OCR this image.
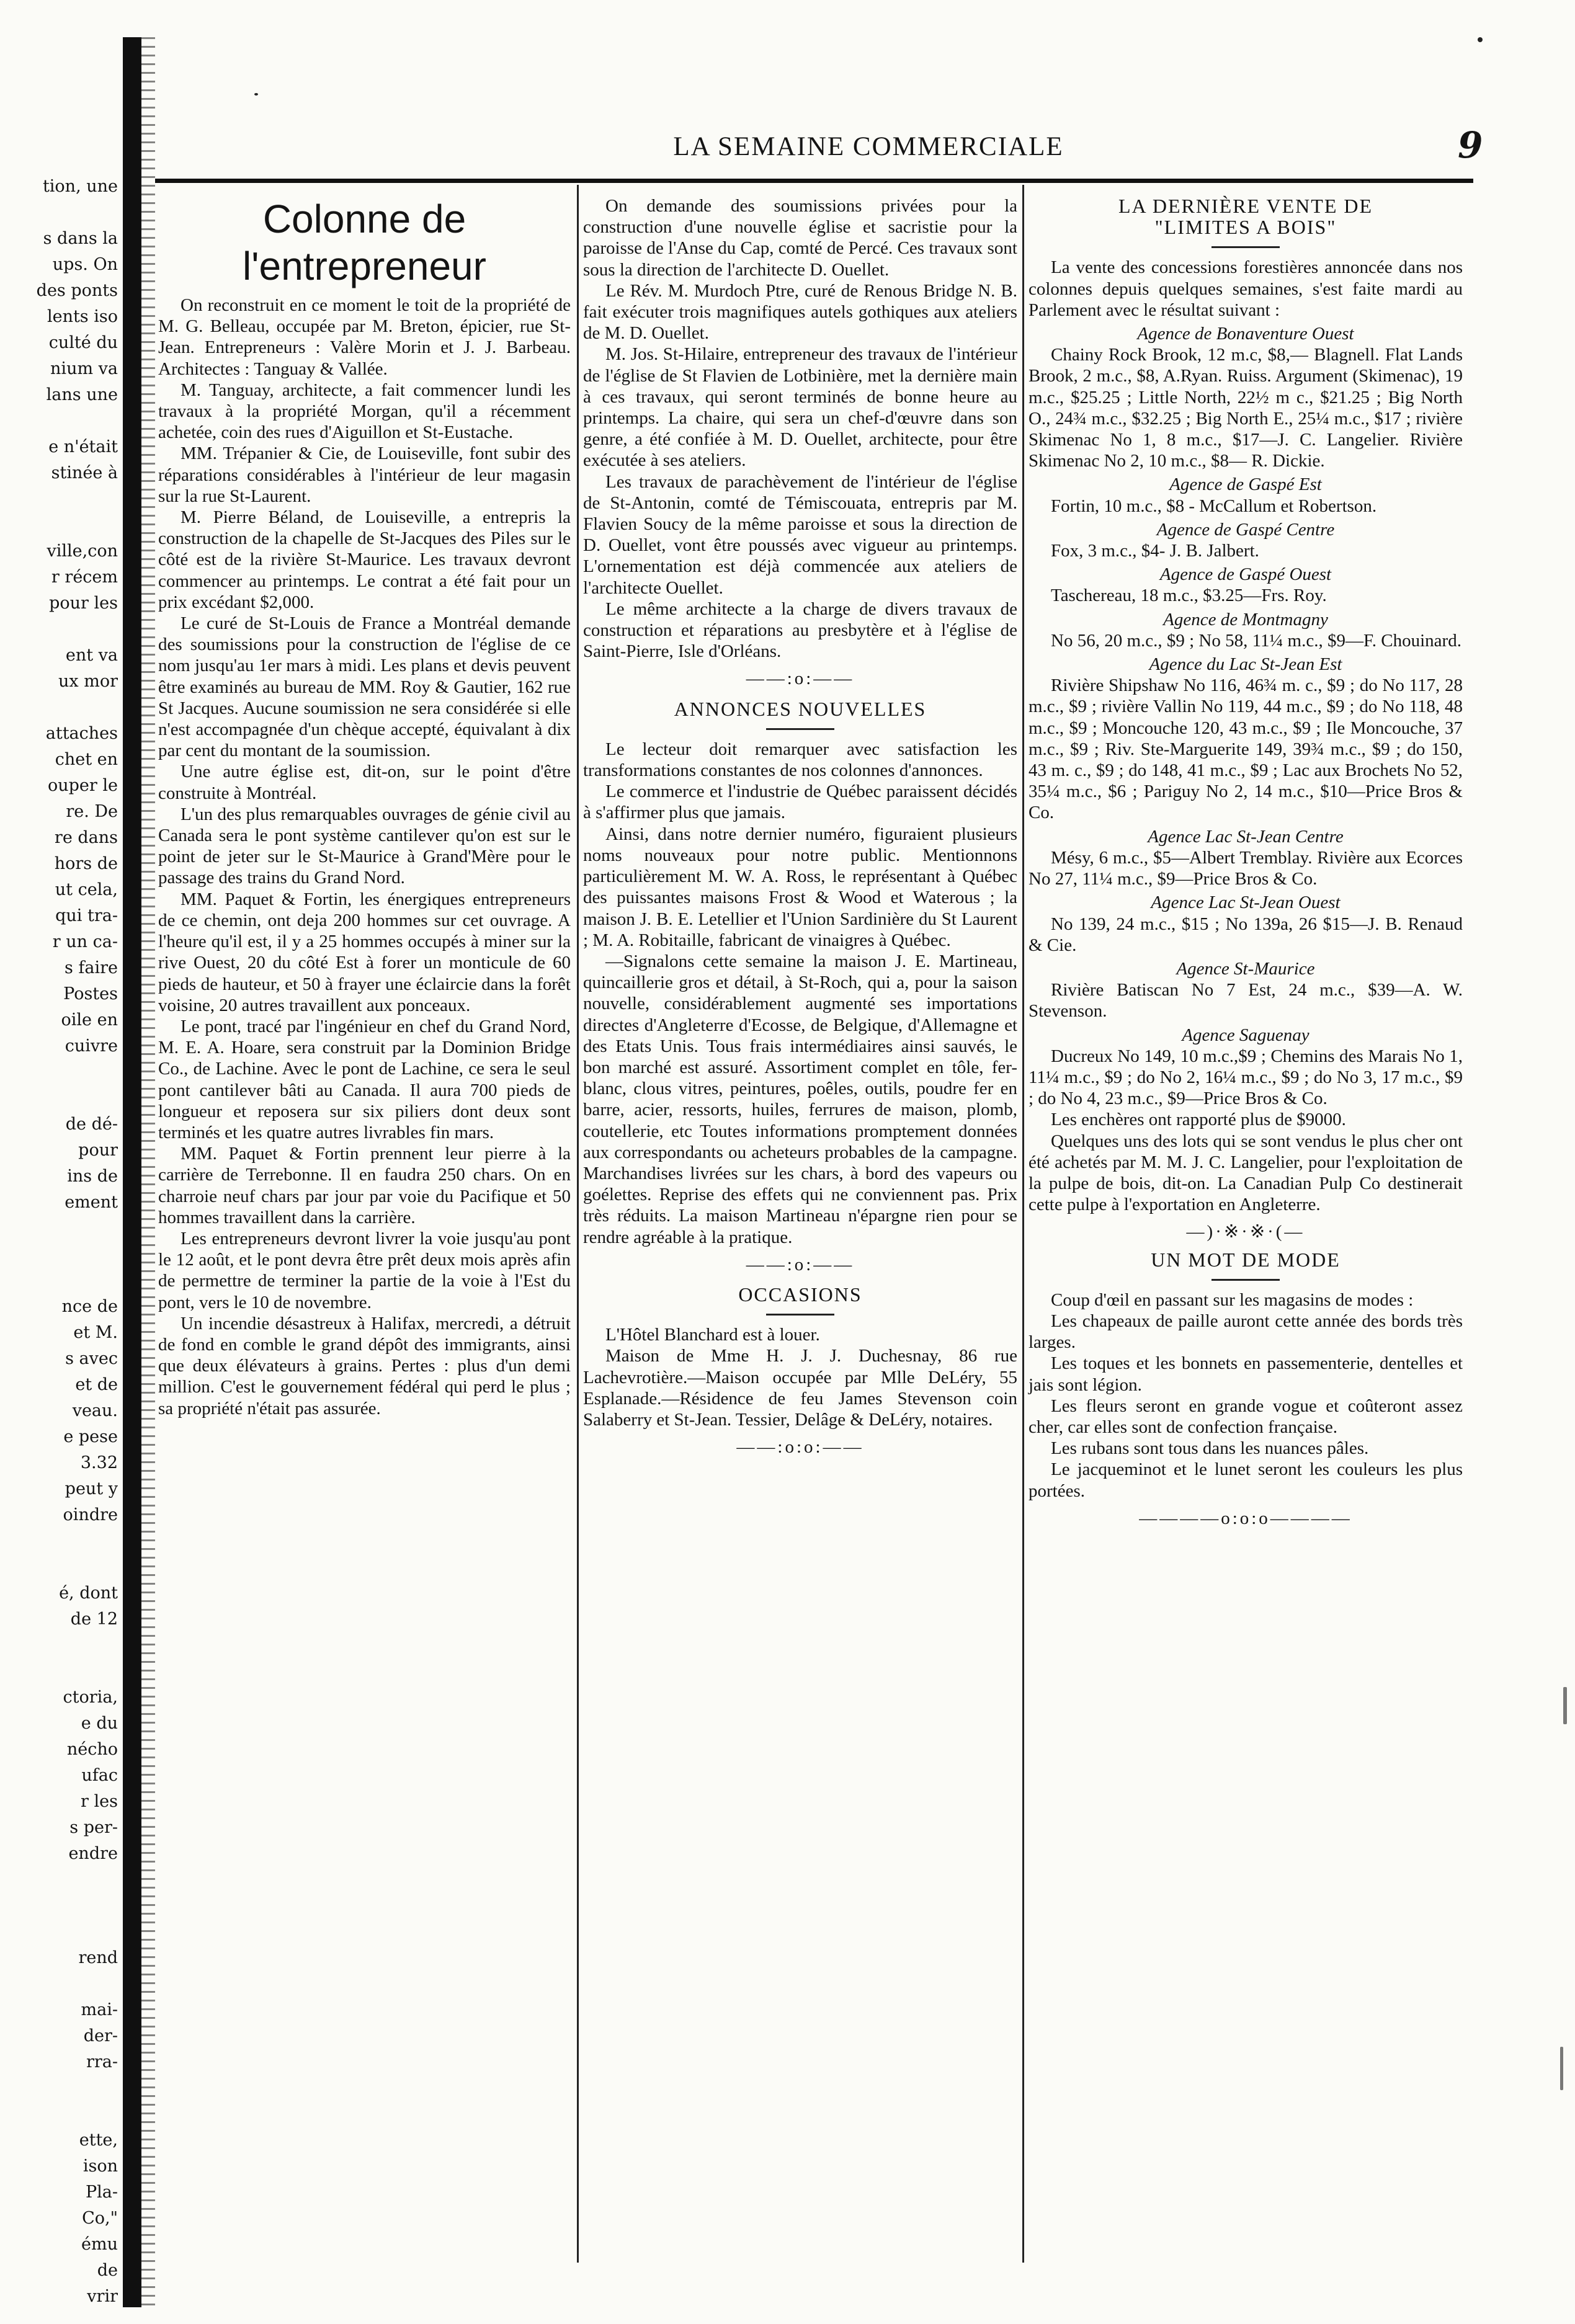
tion, une
s dans la
ups. On
des ponts
lents iso
culté du
nium va
lans une
e n'était
stinée à
ville,con
r récem
pour les
ent va
ux mor
attaches
chet en
ouper le
re. De
re dans
hors de
ut cela,
qui tra-
r un ca-
s faire
Postes
oile en
cuivre
de dé-
pour
ins de
ement
nce de
et M.
s avec
et de
veau.
e pese
3.32
peut y
oindre
é, dont
de 12
ctoria,
e du
nécho
ufac
r les
s per-
endre
rend
mai-
der-
rra-
ette,
ison
Pla-
Co,"
ému
de
vrir
LA SEMAINE COMMERCIALE	9
Colonne de l'entrepreneur

On reconstruit en ce moment le toit de la propriété de M. G. Belleau, occupée par M. Breton, épicier, rue St-Jean. Entrepreneurs : Valère Morin et J. J. Barbeau. Architectes : Tanguay & Vallée.

M. Tanguay, architecte, a fait commencer lundi les travaux à la propriété Morgan, qu'il a récemment achetée, coin des rues d'Aiguillon et St-Eustache.

MM. Trépanier & Cie, de Louiseville, font subir des réparations considérables à l'intérieur de leur magasin sur la rue St-Laurent.

M. Pierre Béland, de Louiseville, a entrepris la construction de la chapelle de St-Jacques des Piles sur le côté est de la rivière St-Maurice. Les travaux devront commencer au printemps. Le contrat a été fait pour un prix excédant $2,000.

Le curé de St-Louis de France a Montréal demande des soumissions pour la construction de l'église de ce nom jusqu'au 1er mars à midi. Les plans et devis peuvent être examinés au bureau de MM. Roy & Gautier, 162 rue St Jacques. Aucune soumission ne sera considérée si elle n'est accompagnée d'un chèque accepté, équivalant à dix par cent du montant de la soumission.

Une autre église est, dit-on, sur le point d'être construite à Montréal.

L'un des plus remarquables ouvrages de génie civil au Canada sera le pont système cantilever qu'on est sur le point de jeter sur le St-Maurice à Grand'Mère pour le passage des trains du Grand Nord.

MM. Paquet & Fortin, les énergiques entrepreneurs de ce chemin, ont deja 200 hommes sur cet ouvrage. A l'heure qu'il est, il y a 25 hommes occupés à miner sur la rive Ouest, 20 du côté Est à forer un monticule de 60 pieds de hauteur, et 50 à frayer une éclaircie dans la forêt voisine, 20 autres travaillent aux ponceaux.

Le pont, tracé par l'ingénieur en chef du Grand Nord, M. E. A. Hoare, sera construit par la Dominion Bridge Co., de Lachine. Avec le pont de Lachine, ce sera le seul pont cantilever bâti au Canada. Il aura 700 pieds de longueur et reposera sur six piliers dont deux sont terminés et les quatre autres livrables fin mars.

MM. Paquet & Fortin prennent leur pierre à la carrière de Terrebonne. Il en faudra 250 chars. On en charroie neuf chars par jour par voie du Pacifique et 50 hommes travaillent dans la carrière.

Les entrepreneurs devront livrer la voie jusqu'au pont le 12 août, et le pont devra être prêt deux mois après afin de permettre de terminer la partie de la voie à l'Est du pont, vers le 10 de novembre.

Un incendie désastreux à Halifax, mercredi, a détruit de fond en comble le grand dépôt des immigrants, ainsi que deux élévateurs à grains. Pertes : plus d'un demi million. C'est le gouvernement fédéral qui perd le plus ; sa propriété n'était pas assurée.

On demande des soumissions privées pour la construction d'une nouvelle église et sacristie pour la paroisse de l'Anse du Cap, comté de Percé. Ces travaux sont sous la direction de l'architecte D. Ouellet.

Le Rév. M. Murdoch Ptre, curé de Renous Bridge N. B. fait exécuter trois magnifiques autels gothiques aux ateliers de M. D. Ouellet.

M. Jos. St-Hilaire, entrepreneur des travaux de l'intérieur de l'église de St Flavien de Lotbinière, met la dernière main à ces travaux, qui seront terminés de bonne heure au printemps. La chaire, qui sera un chef-d'œuvre dans son genre, a été confiée à M. D. Ouellet, architecte, pour être exécutée à ses ateliers.

Les travaux de parachèvement de l'intérieur de l'église de St-Antonin, comté de Témiscouata, entrepris par M. Flavien Soucy de la même paroisse et sous la direction de D. Ouellet, vont être poussés avec vigueur au printemps. L'ornementation est déjà commencée aux ateliers de l'architecte Ouellet.

Le même architecte a la charge de divers travaux de construction et réparations au presbytère et à l'église de Saint-Pierre, Isle d'Orléans.

——:o:——
ANNONCES NOUVELLES

Le lecteur doit remarquer avec satisfaction les transformations constantes de nos colonnes d'annonces.

Le commerce et l'industrie de Québec paraissent décidés à s'affirmer plus que jamais.

Ainsi, dans notre dernier numéro, figuraient plusieurs noms nouveaux pour notre public. Mentionnons particulièrement M. W. A. Ross, le représentant à Québec des puissantes maisons Frost & Wood et Waterous ; la maison J. B. E. Letellier et l'Union Sardinière du St Laurent ; M. A. Robitaille, fabricant de vinaigres à Québec.

—Signalons cette semaine la maison J. E. Martineau, quincaillerie gros et détail, à St-Roch, qui a, pour la saison nouvelle, considérablement augmenté ses importations directes d'Angleterre d'Ecosse, de Belgique, d'Allemagne et des Etats Unis. Tous frais intermédiaires ainsi sauvés, le bon marché est assuré. Assortiment complet en tôle, fer-blanc, clous vitres, peintures, poêles, outils, poudre fer en barre, acier, ressorts, huiles, ferrures de maison, plomb, coutellerie, etc Toutes informations promptement données aux correspondants ou acheteurs probables de la campagne. Marchandises livrées sur les chars, à bord des vapeurs ou goélettes. Reprise des effets qui ne conviennent pas. Prix très réduits. La maison Martineau n'épargne rien pour se rendre agréable à la pratique.

——:o:——
OCCASIONS

L'Hôtel Blanchard est à louer.

Maison de Mme H. J. J. Duchesnay, 86 rue Lachevrotière.—Maison occupée par Mlle DeLéry, 55 Esplanade.—Résidence de feu James Stevenson coin Salaberry et St-Jean. Tessier, Delâge & DeLéry, notaires.

——:o:o:——
LA DERNIÈRE VENTE DE
"LIMITES A BOIS"

La vente des concessions forestières annoncée dans nos colonnes depuis quelques semaines, s'est faite mardi au Parlement avec le résultat suivant :

Agence de Bonaventure Ouest

Chainy Rock Brook, 12 m.c, $8,— Blagnell. Flat Lands Brook, 2 m.c., $8, A.Ryan. Ruiss. Argument (Skimenac), 19 m.c., $25.25 ; Little North, 22½ m c., $21.25 ; Big North O., 24¾ m.c., $32.25 ; Big North E., 25¼ m.c., $17 ; rivière Skimenac No 1, 8 m.c., $17—J. C. Langelier. Rivière Skimenac No 2, 10 m.c., $8— R. Dickie.

Agence de Gaspé Est

Fortin, 10 m.c., $8 - McCallum et Robertson.

Agence de Gaspé Centre

Fox, 3 m.c., $4- J. B. Jalbert.

Agence de Gaspé Ouest

Taschereau, 18 m.c., $3.25—Frs. Roy.

Agence de Montmagny

No 56, 20 m.c., $9 ; No 58, 11¼ m.c., $9—F. Chouinard.

Agence du Lac St-Jean Est

Rivière Shipshaw No 116, 46¾ m. c., $9 ; do No 117, 28 m.c., $9 ; rivière Vallin No 119, 44 m.c., $9 ; do No 118, 48 m.c., $9 ; Moncouche 120, 43 m.c., $9 ; Ile Moncouche, 37 m.c., $9 ; Riv. Ste-Marguerite 149, 39¾ m.c., $9 ; do 150, 43 m. c., $9 ; do 148, 41 m.c., $9 ; Lac aux Brochets No 52, 35¼ m.c., $6 ; Pariguy No 2, 14 m.c., $10—Price Bros & Co.

Agence Lac St-Jean Centre

Mésy, 6 m.c., $5—Albert Tremblay. Rivière aux Ecorces No 27, 11¼ m.c., $9—Price Bros & Co.

Agence Lac St-Jean Ouest

No 139, 24 m.c., $15 ; No 139a, 26 $15—J. B. Renaud & Cie.

Agence St-Maurice

Rivière Batiscan No 7 Est, 24 m.c., $39—A. W. Stevenson.

Agence Saguenay

Ducreux No 149, 10 m.c.,$9 ; Chemins des Marais No 1, 11¼ m.c., $9 ; do No 2, 16¼ m.c., $9 ; do No 3, 17 m.c., $9 ; do No 4, 23 m.c., $9—Price Bros & Co.

Les enchères ont rapporté plus de $9000.

Quelques uns des lots qui se sont vendus le plus cher ont été achetés par M. M. J. C. Langelier, pour l'exploitation de la pulpe de bois, dit-on. La Canadian Pulp Co destinerait cette pulpe à l'exportation en Angleterre.

—)·※·※·(—
UN MOT DE MODE

Coup d'œil en passant sur les magasins de modes :

Les chapeaux de paille auront cette année des bords très larges.

Les toques et les bonnets en passementerie, dentelles et jais sont légion.

Les fleurs seront en grande vogue et coûteront assez cher, car elles sont de confection française.

Les rubans sont tous dans les nuances pâles.

Le jacqueminot et le lunet seront les couleurs les plus portées.

————o:o:o————
